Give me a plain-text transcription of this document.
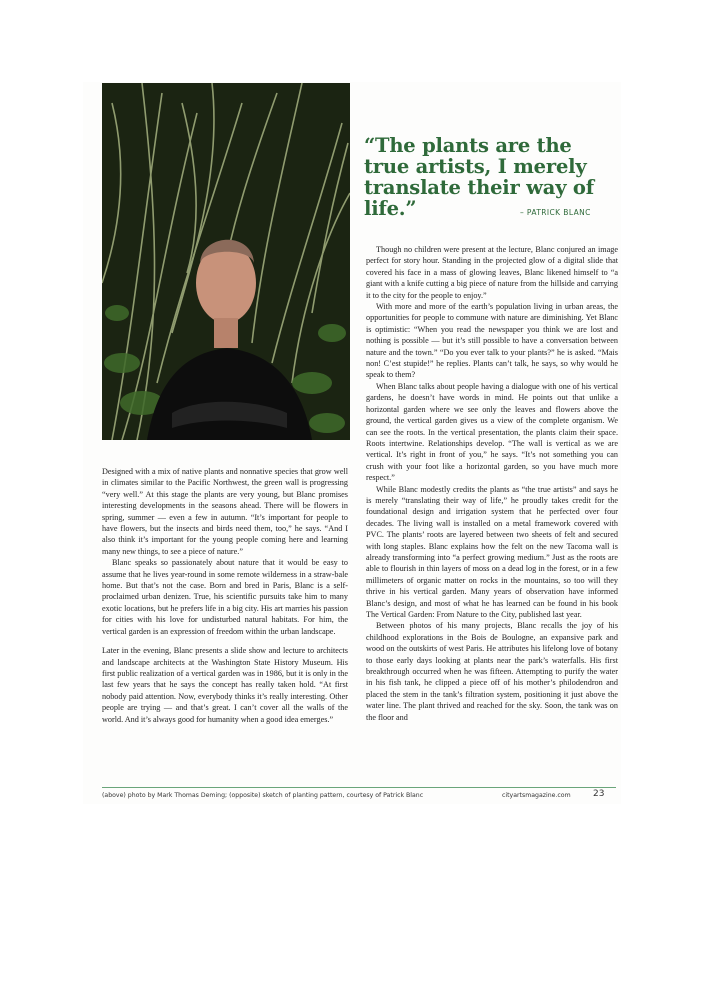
“The plants are the true artists, I merely translate their way of life.”	– PATRICK BLANC

Designed with a mix of native plants and nonnative species that grow well in climates similar to the Pacific Northwest, the green wall is progressing “very well.” At this stage the plants are very young, but Blanc promises interesting developments in the seasons ahead. There will be flowers in spring, summer — even a few in autumn. “It’s important for people to have flowers, but the insects and birds need them, too,” he says. “And I also think it’s important for the young people coming here and learning many new things, to see a piece of nature.”

Blanc speaks so passionately about nature that it would be easy to assume that he lives year-round in some remote wilderness in a straw-bale home. But that’s not the case. Born and bred in Paris, Blanc is a self-proclaimed urban denizen. True, his scientific pursuits take him to many exotic locations, but he prefers life in a big city. His art marries his passion for cities with his love for undisturbed natural habitats. For him, the vertical garden is an expression of freedom within the urban landscape.

Later in the evening, Blanc presents a slide show and lecture to architects and landscape architects at the Washington State History Museum. His first public realization of a vertical garden was in 1986, but it is only in the last few years that he says the concept has really taken hold. “At first nobody paid attention. Now, everybody thinks it’s really interesting. Other people are trying — and that’s great. I can’t cover all the walls of the world. And it’s always good for humanity when a good idea emerges.”

Though no children were present at the lecture, Blanc conjured an image perfect for story hour. Standing in the projected glow of a digital slide that covered his face in a mass of glowing leaves, Blanc likened himself to “a giant with a knife cutting a big piece of nature from the hillside and carrying it to the city for the people to enjoy.”

With more and more of the earth’s population living in urban areas, the opportunities for people to commune with nature are diminishing. Yet Blanc is optimistic: “When you read the newspaper you think we are lost and nothing is possible — but it’s still possible to have a conversation between nature and the town.” “Do you ever talk to your plants?” he is asked. “Mais non! C’est stupide!” he replies. Plants can’t talk, he says, so why would he speak to them?

When Blanc talks about people having a dialogue with one of his vertical gardens, he doesn’t have words in mind. He points out that unlike a horizontal garden where we see only the leaves and flowers above the ground, the vertical garden gives us a view of the complete organism. We can see the roots. In the vertical presentation, the plants claim their space. Roots intertwine. Relationships develop. “The wall is vertical as we are vertical. It’s right in front of you,” he says. “It’s not something you can crush with your foot like a horizontal garden, so you have much more respect.”

While Blanc modestly credits the plants as “the true artists” and says he is merely “translating their way of life,” he proudly takes credit for the foundational design and irrigation system that he perfected over four decades. The living wall is installed on a metal framework covered with PVC. The plants’ roots are layered between two sheets of felt and secured with long staples. Blanc explains how the felt on the new Tacoma wall is already transforming into “a perfect growing medium.” Just as the roots are able to flourish in thin layers of moss on a dead log in the forest, or in a few millimeters of organic matter on rocks in the mountains, so too will they thrive in his vertical garden. Many years of observation have informed Blanc’s design, and most of what he has learned can be found in his book The Vertical Garden: From Nature to the City, published last year.

Between photos of his many projects, Blanc recalls the joy of his childhood explorations in the Bois de Boulogne, an expansive park and wood on the outskirts of west Paris. He attributes his lifelong love of botany to those early days looking at plants near the park’s waterfalls. His first breakthrough occurred when he was fifteen. Attempting to purify the water in his fish tank, he clipped a piece off of his mother’s philodendron and placed the stem in the tank’s filtration system, positioning it just above the water line. The plant thrived and reached for the sky. Soon, the tank was on the floor and

(above) photo by Mark Thomas Deming; (opposite) sketch of planting pattern, courtesy of Patrick Blanc	cityartsmagazine.com 23
